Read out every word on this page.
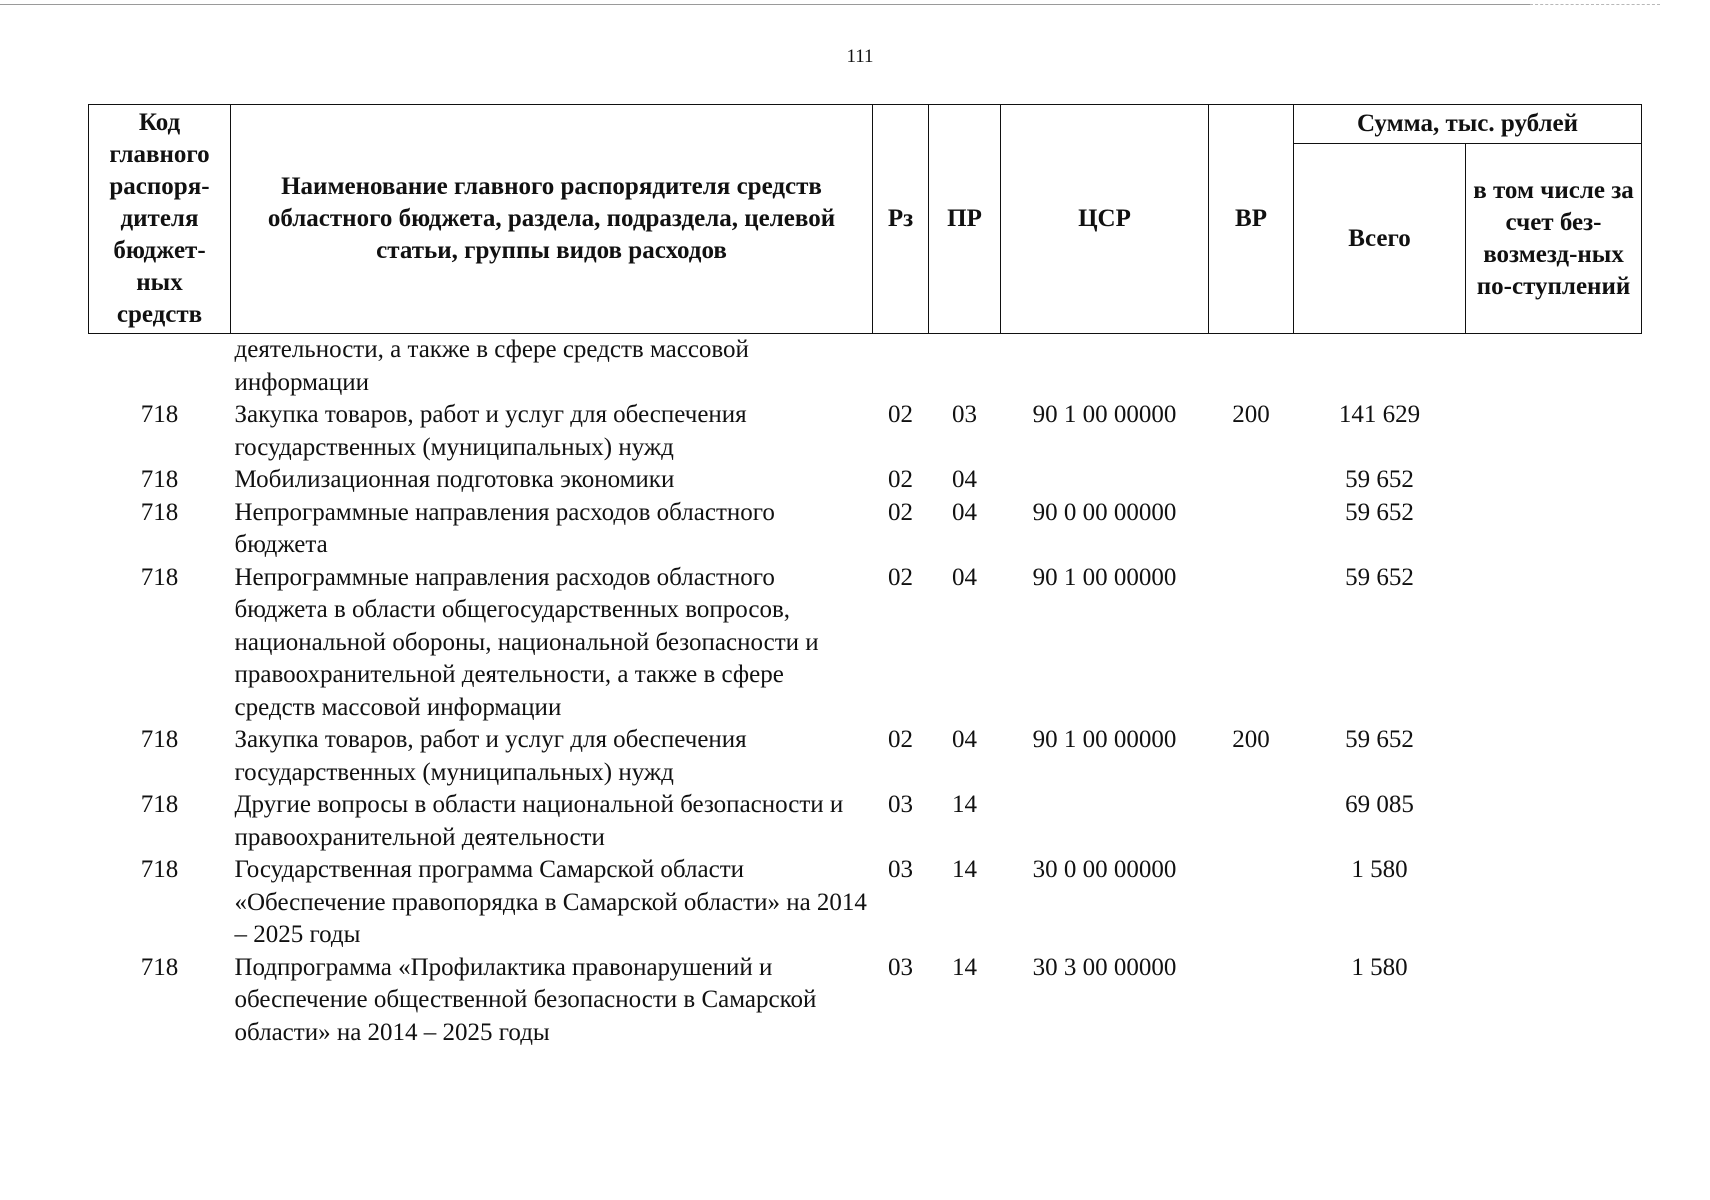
111
Код главного распоря-дителя бюджет-ных средств	Наименование главного распорядителя средств областного бюджета, раздела, подраздела, целевой статьи, группы видов расходов	Рз	ПР	ЦСР	ВР	Сумма, тыс. рублей	
						Всего	в том числе за счет без-возмезд-ных по-ступлений
	деятельности, а также в сфере средств массовой информации						
718	Закупка товаров, работ и услуг для обеспечения государственных (муниципальных) нужд	02	03	90 1 00 00000	200	141 629	
718	Мобилизационная подготовка экономики	02	04			59 652	
718	Непрограммные направления расходов областного бюджета	02	04	90 0 00 00000		59 652	
718	Непрограммные направления расходов областного бюджета в области общегосударственных вопросов, национальной обороны, национальной безопасности и правоохранительной деятельности, а также в сфере средств массовой информации	02	04	90 1 00 00000		59 652	
718	Закупка товаров, работ и услуг для обеспечения государственных (муниципальных) нужд	02	04	90 1 00 00000	200	59 652	
718	Другие вопросы в области национальной безопасности и правоохранительной деятельности	03	14			69 085	
718	Государственная программа Самарской области «Обеспечение правопорядка в Самарской области» на 2014 – 2025 годы	03	14	30 0 00 00000		1 580	
718	Подпрограмма «Профилактика правонарушений и обеспечение общественной безопасности в Самарской области» на 2014 – 2025 годы	03	14	30 3 00 00000		1 580	
